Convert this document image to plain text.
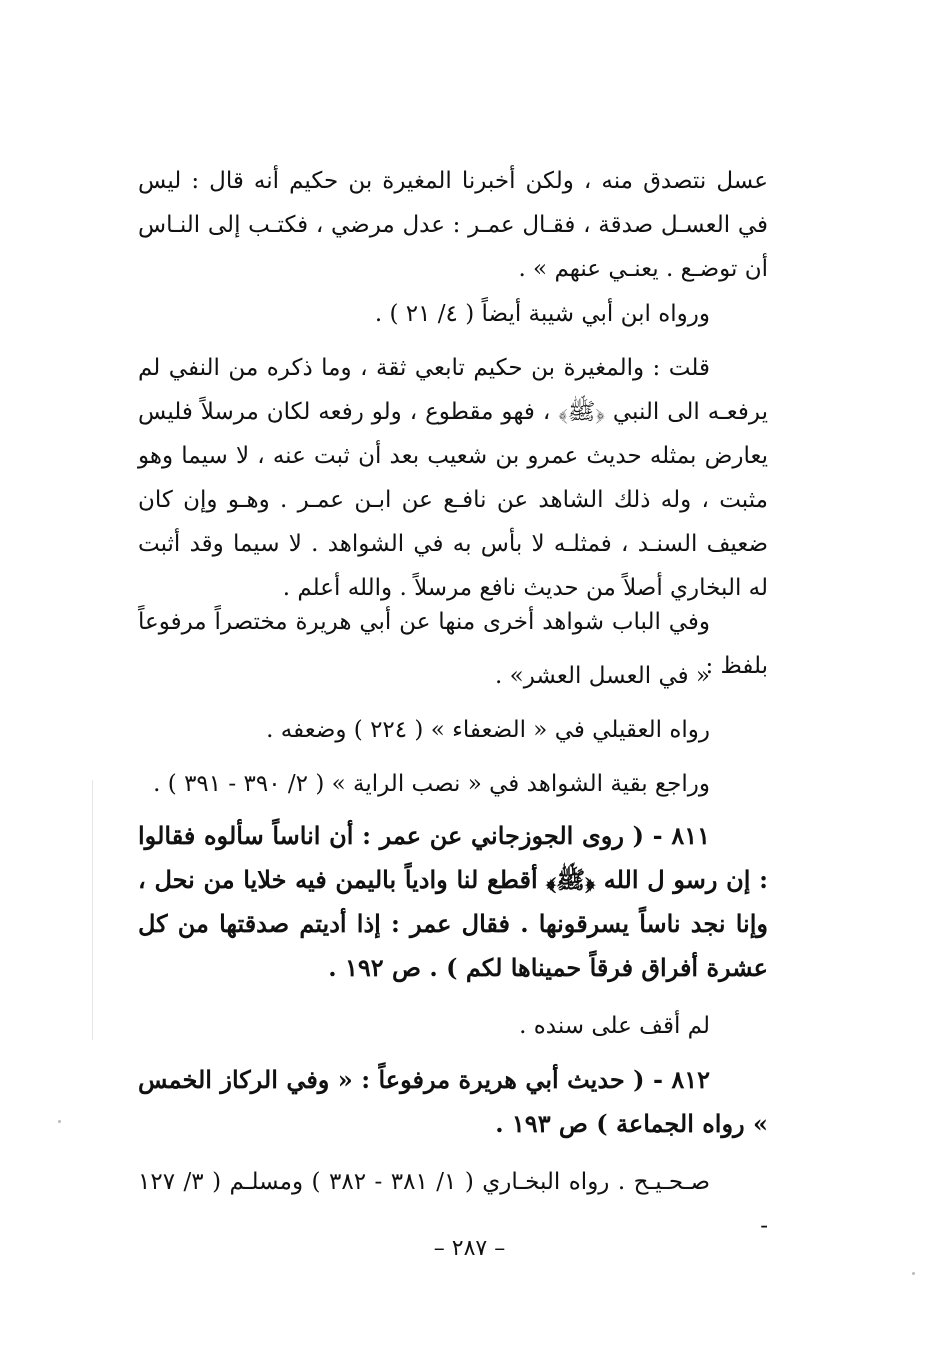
عسل نتصدق منه ، ولكن أخبرنا المغيرة بن حكيم أنه قال : ليس في العسـل صدقة ، فقـال عمـر : عدل مرضي ، فكتـب إلى النـاس أن توضـع . يعنـي عنهم » .

ورواه ابن أبي شيبة أيضاً ( ٤/ ٢١ ) .

قلت : والمغيرة بن حكيم تابعي ثقة ، وما ذكره من النفي لم يرفعـه الى النبي ﴿ﷺ﴾ ، فهو مقطوع ، ولو رفعه لكان مرسلاً فليس يعارض بمثله حديث عمرو بن شعيب بعد أن ثبت عنه ، لا سيما وهو مثبت ، وله ذلك الشاهد عن نافـع عن ابـن عمـر . وهـو وإن كان ضعيف السنـد ، فمثلـه لا بأس به في الشواهد . لا سيما وقد أثبت له البخاري أصلاً من حديث نافع مرسلاً . والله أعلم .

وفي الباب شواهد أخرى منها عن أبي هريرة مختصراً مرفوعاً بلفظ :

« في العسل العشر» .

رواه العقيلي في « الضعفاء » ( ٢٢٤ ) وضعفه .

وراجع بقية الشواهد في « نصب الراية » ( ٢/ ٣٩٠ - ٣٩١ ) .

٨١١ - ( روى الجوزجاني عن عمر : أن اناساً سألوه فقالوا : إن رسو ل الله ﴿ﷺ﴾ أقطع لنا وادياً باليمن فيه خلايا من نحل ، وإنا نجد ناساً يسرقونها . فقال عمر : إذا أديتم صدقتها من كل عشرة أفراق فرقاً حميناها لكم ) . ص ١٩٢ .

لم أقف على سنده .

٨١٢ - ( حديث أبي هريرة مرفوعاً : « وفي الركاز الخمس » رواه الجماعة ) ص ١٩٣ .

صـحـيـح . رواه البخـاري ( ١/ ٣٨١ - ٣٨٢ ) ومسلـم ( ٣/ ١٢٧ -

– ٢٨٧ –
